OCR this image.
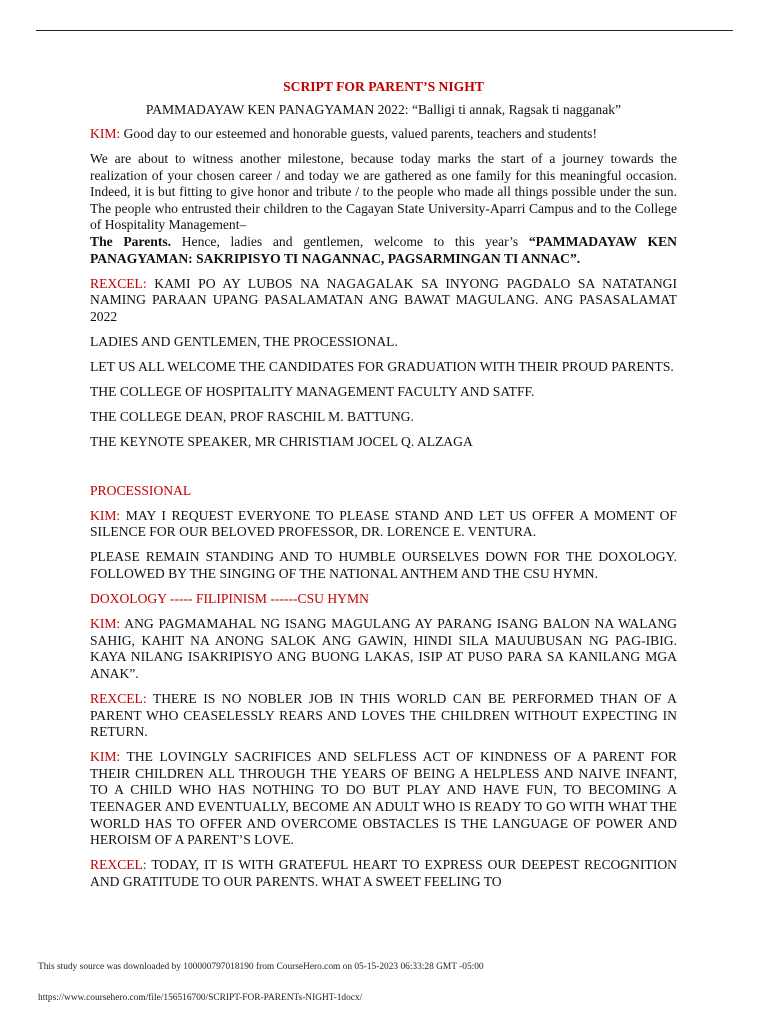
SCRIPT FOR PARENT’S NIGHT
PAMMADAYAW KEN PANAGYAMAN 2022: “Balligi ti annak, Ragsak ti nagganak”

KIM: Good day to our esteemed and honorable guests, valued parents, teachers and students!

We are about to witness another milestone, because today marks the start of a journey towards the realization of your chosen career / and today we are gathered as one family for this meaningful occasion. Indeed, it is but fitting to give honor and tribute / to the people who made all things possible under the sun. The people who entrusted their children to the Cagayan State University-Aparri Campus and to the College of Hospitality Management–

The Parents. Hence, ladies and gentlemen, welcome to this year’s “PAMMADAYAW KEN PANAGYAMAN: SAKRIPISYO TI NAGANNAC, PAGSARMINGAN TI ANNAC”.

REXCEL: KAMI PO AY LUBOS NA NAGAGALAK SA INYONG PAGDALO SA NATATANGI NAMING PARAAN UPANG PASALAMATAN ANG BAWAT MAGULANG. ANG PASASALAMAT 2022

LADIES AND GENTLEMEN, THE PROCESSIONAL.

LET US ALL WELCOME THE CANDIDATES FOR GRADUATION WITH THEIR PROUD PARENTS.

THE COLLEGE OF HOSPITALITY MANAGEMENT FACULTY AND SATFF.

THE COLLEGE DEAN, PROF RASCHIL M. BATTUNG.

THE KEYNOTE SPEAKER, MR CHRISTIAM JOCEL Q. ALZAGA

PROCESSIONAL

KIM: MAY I REQUEST EVERYONE TO PLEASE STAND AND LET US OFFER A MOMENT OF SILENCE FOR OUR BELOVED PROFESSOR, DR. LORENCE E. VENTURA.

PLEASE REMAIN STANDING AND TO HUMBLE OURSELVES DOWN FOR THE DOXOLOGY. FOLLOWED BY THE SINGING OF THE NATIONAL ANTHEM AND THE CSU HYMN.

DOXOLOGY ----- FILIPINISM ------CSU HYMN

KIM: ANG PAGMAMAHAL NG ISANG MAGULANG AY PARANG ISANG BALON NA WALANG SAHIG, KAHIT NA ANONG SALOK ANG GAWIN, HINDI SILA MAUUBUSAN NG PAG-IBIG. KAYA NILANG ISAKRIPISYO ANG BUONG LAKAS, ISIP AT PUSO PARA SA KANILANG MGA ANAK”.

REXCEL: THERE IS NO NOBLER JOB IN THIS WORLD CAN BE PERFORMED THAN OF A PARENT WHO CEASELESSLY REARS AND LOVES THE CHILDREN WITHOUT EXPECTING IN RETURN.

KIM: THE LOVINGLY SACRIFICES AND SELFLESS ACT OF KINDNESS OF A PARENT FOR THEIR CHILDREN ALL THROUGH THE YEARS OF BEING A HELPLESS AND NAIVE INFANT, TO A CHILD WHO HAS NOTHING TO DO BUT PLAY AND HAVE FUN, TO BECOMING A TEENAGER AND EVENTUALLY, BECOME AN ADULT WHO IS READY TO GO WITH WHAT THE WORLD HAS TO OFFER AND OVERCOME OBSTACLES IS THE LANGUAGE OF POWER AND HEROISM OF A PARENT’S LOVE.

REXCEL: TODAY, IT IS WITH GRATEFUL HEART TO EXPRESS OUR DEEPEST RECOGNITION AND GRATITUDE TO OUR PARENTS. WHAT A SWEET FEELING TO

This study source was downloaded by 100000797018190 from CourseHero.com on 05-15-2023 06:33:28 GMT -05:00
https://www.coursehero.com/file/156516700/SCRIPT-FOR-PARENTs-NIGHT-1docx/
